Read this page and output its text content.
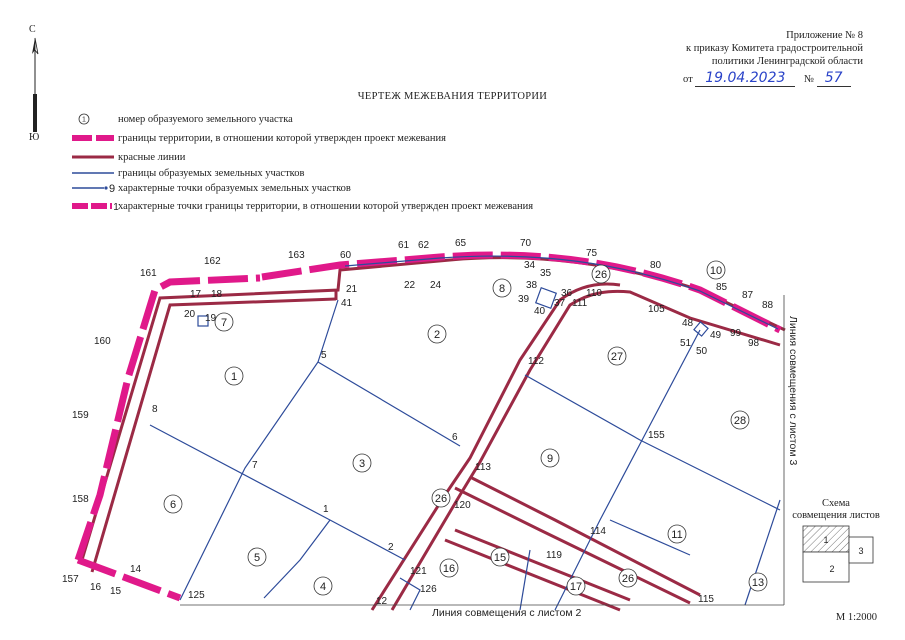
Приложение № 8
к приказу Комитета градостроительной
политики Ленинградской области
от 19.04.2023 № 57
ЧЕРТЕЖ МЕЖЕВАНИЯ ТЕРРИТОРИИ
С
Ю
1	номер образуемого земельного участка
границы территории, в отношении которой утвержден проект межевания
красные линии
границы образуемых земельных участков
9 характерные точки образуемых земельных участков
1 характерные точки границы территории, в отношении которой утвержден проект межевания
1
2
3
4
5
6
7
8
9
10
11
13
15
16
17
26
26
26
27
28
157
158
159
160
161
162
163	60
61 62	65	70
75
80
85
87
88
98
99
105
110
111
112
113
114
115
119
120
121
126
125
1
2
5
6
7
8
14
15
16
17 18
19
20
21	22 24
34
35
36
37
38
39
40
41
48
49
50
51
155
12
Линия совмещения с листом 3
Линия совмещения с листом 2
Схема
совмещения листов
1
2
3
М 1:2000
